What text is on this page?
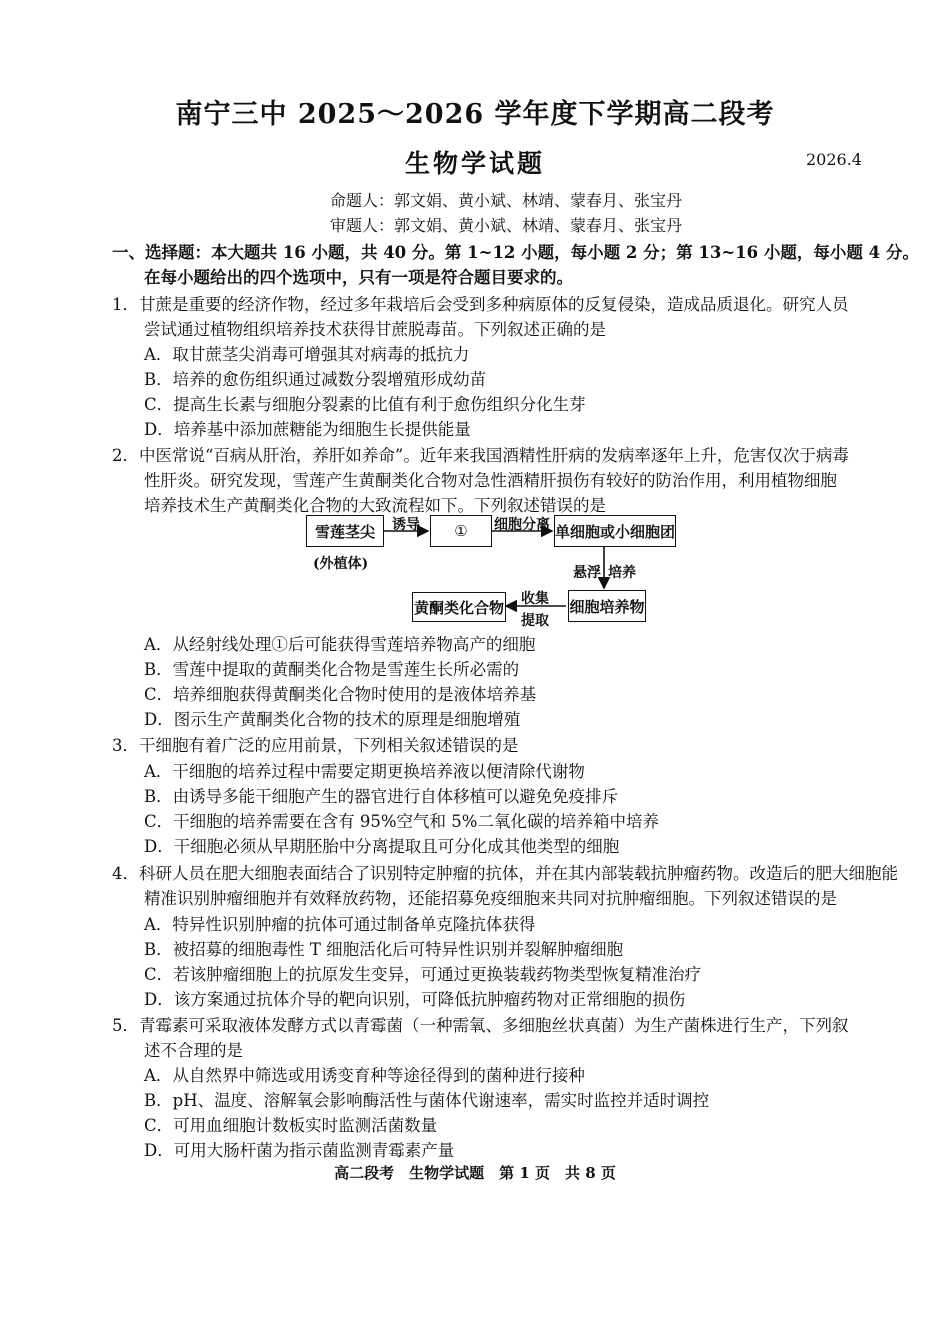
南宁三中 2025～2026 学年度下学期高二段考
生物学试题	2026.4
命题人：郭文娟、黄小斌、林靖、蒙春月、张宝丹
审题人：郭文娟、黄小斌、林靖、蒙春月、张宝丹
一、选择题：本大题共 16 小题，共 40 分。第 1~12 小题，每小题 2 分；第 13~16 小题，每小题 4 分。
在每小题给出的四个选项中，只有一项是符合题目要求的。
1．甘蔗是重要的经济作物，经过多年栽培后会受到多种病原体的反复侵染，造成品质退化。研究人员
尝试通过植物组织培养技术获得甘蔗脱毒苗。下列叙述正确的是
A．取甘蔗茎尖消毒可增强其对病毒的抵抗力
B．培养的愈伤组织通过减数分裂增殖形成幼苗
C．提高生长素与细胞分裂素的比值有利于愈伤组织分化生芽
D．培养基中添加蔗糖能为细胞生长提供能量
2．中医常说“百病从肝治，养肝如养命”。近年来我国酒精性肝病的发病率逐年上升，危害仅次于病毒
性肝炎。研究发现，雪莲产生黄酮类化合物对急性酒精肝损伤有较好的防治作用，利用植物细胞
培养技术生产黄酮类化合物的大致流程如下。下列叙述错误的是
雪莲茎尖
(外植体)
诱导	①	细胞分离 单细胞或小细胞团
悬浮 培养
细胞培养物
收集
提取
黄酮类化合物
A．从经射线处理①后可能获得雪莲培养物高产的细胞
B．雪莲中提取的黄酮类化合物是雪莲生长所必需的
C．培养细胞获得黄酮类化合物时使用的是液体培养基
D．图示生产黄酮类化合物的技术的原理是细胞增殖
3．干细胞有着广泛的应用前景，下列相关叙述错误的是
A．干细胞的培养过程中需要定期更换培养液以便清除代谢物
B．由诱导多能干细胞产生的器官进行自体移植可以避免免疫排斥
C．干细胞的培养需要在含有 95%空气和 5%二氧化碳的培养箱中培养
D．干细胞必须从早期胚胎中分离提取且可分化成其他类型的细胞
4．科研人员在肥大细胞表面结合了识别特定肿瘤的抗体，并在其内部装载抗肿瘤药物。改造后的肥大细胞能
精准识别肿瘤细胞并有效释放药物，还能招募免疫细胞来共同对抗肿瘤细胞。下列叙述错误的是
A．特异性识别肿瘤的抗体可通过制备单克隆抗体获得
B．被招募的细胞毒性 T 细胞活化后可特异性识别并裂解肿瘤细胞
C．若该肿瘤细胞上的抗原发生变异，可通过更换装载药物类型恢复精准治疗
D．该方案通过抗体介导的靶向识别，可降低抗肿瘤药物对正常细胞的损伤
5．青霉素可采取液体发酵方式以青霉菌（一种需氧、多细胞丝状真菌）为生产菌株进行生产，下列叙
述不合理的是
A．从自然界中筛选或用诱变育种等途径得到的菌种进行接种
B．pH、温度、溶解氧会影响酶活性与菌体代谢速率，需实时监控并适时调控
C．可用血细胞计数板实时监测活菌数量
D．可用大肠杆菌为指示菌监测青霉素产量
高二段考　生物学试题　第 1 页　共 8 页
